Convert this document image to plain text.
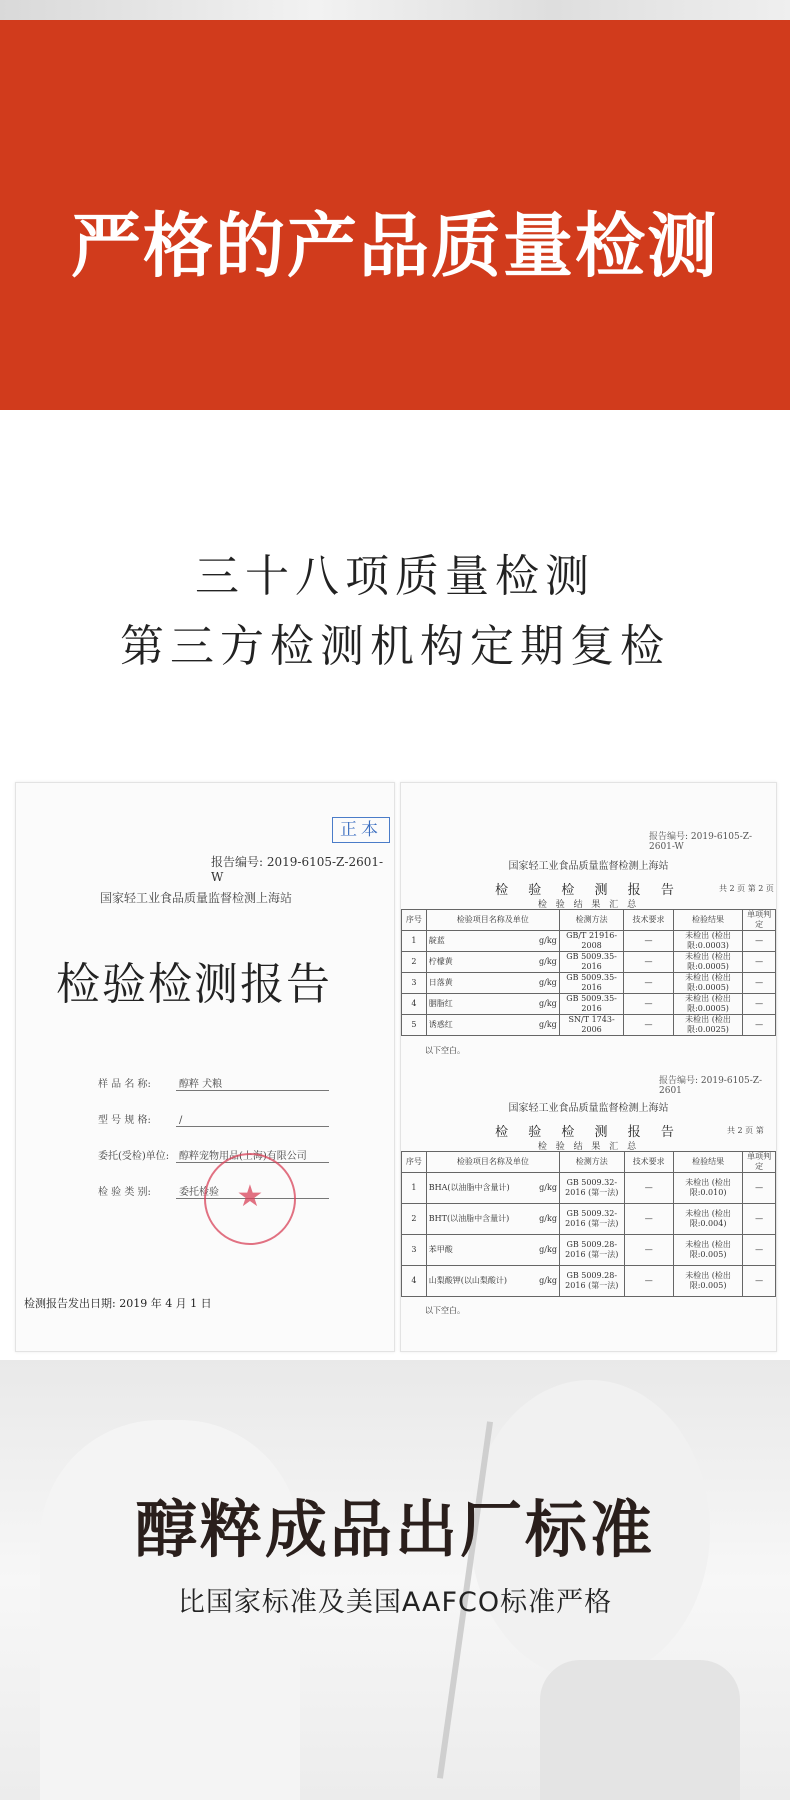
严格的产品质量检测
三十八项质量检测
第三方检测机构定期复检
正本
报告编号: 2019-6105-Z-2601-W
国家轻工业食品质量监督检测上海站
检验检测报告
样 品 名 称:	醇粹 犬粮
型 号 规 格:	/
委托(受检)单位: 醇粹宠物用品(上海)有限公司
检 验 类 别:	委托检验 ★
检测报告发出日期: 2019 年 4 月 1 日
报告编号: 2019-6105-Z-2601-W
国家轻工业食品质量监督检测上海站
检 验 检 测 报 告	共 2 页 第 2 页
检 验 结 果 汇 总
序号	检验项目名称及单位	检测方法	技术要求	检验结果	单项判定
1	靛蓝 g/kg	GB/T 21916-2008	—	未检出 (检出限:0.0003)	—
2	柠檬黄 g/kg	GB 5009.35-2016	—	未检出 (检出限:0.0005)	—
3	日落黄 g/kg	GB 5009.35-2016	—	未检出 (检出限:0.0005)	—
4	胭脂红 g/kg	GB 5009.35-2016	—	未检出 (检出限:0.0005)	—
5	诱惑红 g/kg	SN/T 1743-2006	—	未检出 (检出限:0.0025)	—
以下空白。
报告编号: 2019-6105-Z-2601
国家轻工业食品质量监督检测上海站
检 验 检 测 报 告	共 2 页 第
检 验 结 果 汇 总
序号	检验项目名称及单位	检测方法	技术要求	检验结果	单项判定
1	BHA(以油脂中含量计) g/kg	GB 5009.32-2016 (第一法)	—	未检出 (检出限:0.010)	—
2	BHT(以油脂中含量计) g/kg	GB 5009.32-2016 (第一法)	—	未检出 (检出限:0.004)	—
3	苯甲酸 g/kg	GB 5009.28-2016 (第一法)	—	未检出 (检出限:0.005)	—
4	山梨酸钾(以山梨酸计) g/kg	GB 5009.28-2016 (第一法)	—	未检出 (检出限:0.005)	—
以下空白。
醇粹成品出厂标准
比国家标准及美国AAFCO标准严格
